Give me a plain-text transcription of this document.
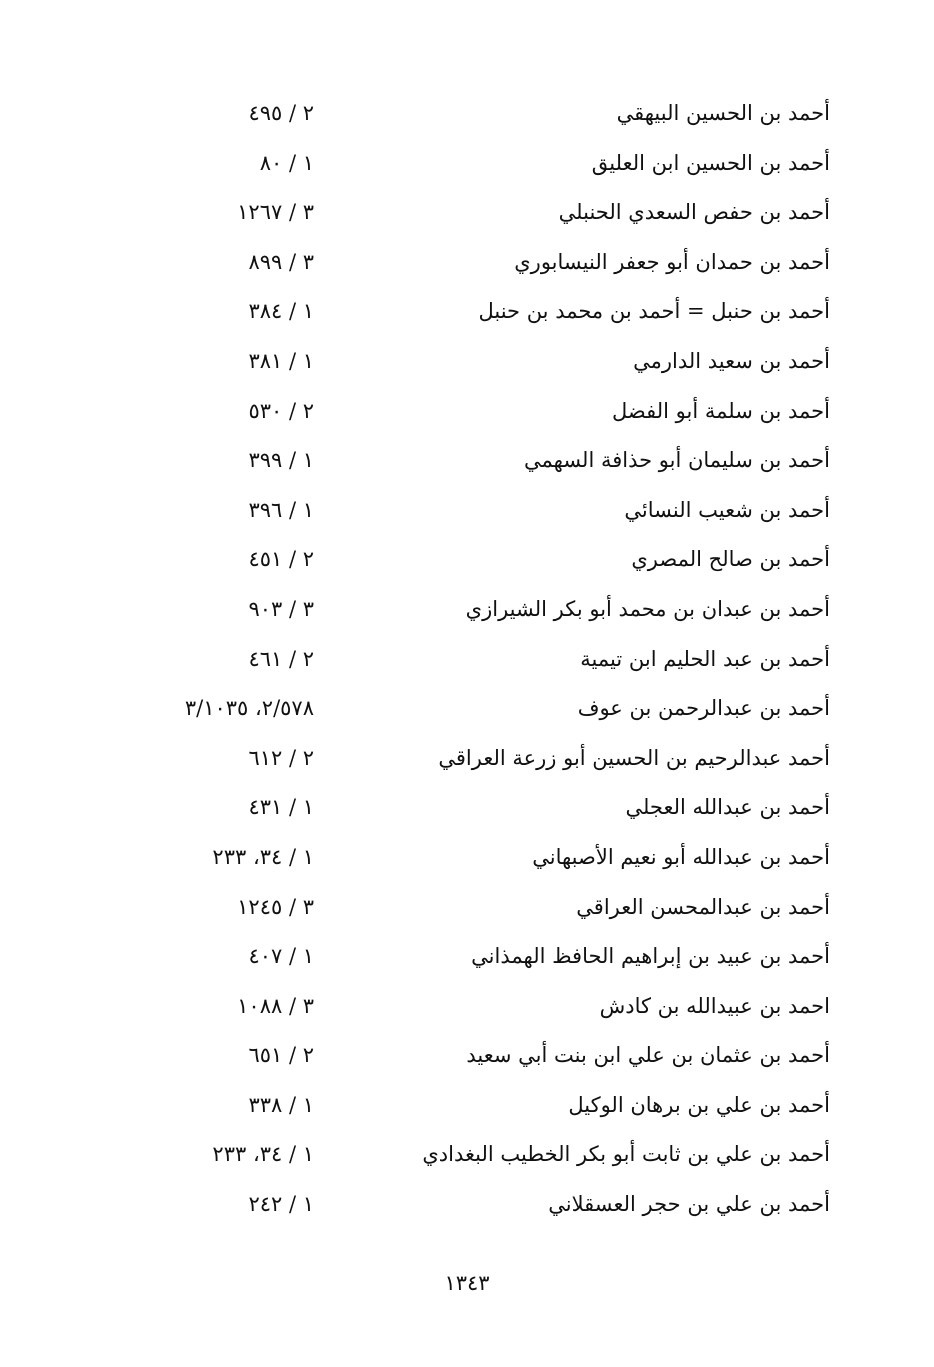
أحمد بن الحسين البيهقي
٢ / ٤٩٥
أحمد بن الحسين ابن العليق
١ / ٨٠
أحمد بن حفص السعدي الحنبلي
٣ / ١٢٦٧
أحمد بن حمدان أبو جعفر النيسابوري
٣ / ٨٩٩
أحمد بن حنبل = أحمد بن محمد بن حنبل
١ / ٣٨٤
أحمد بن سعيد الدارمي
١ / ٣٨١
أحمد بن سلمة أبو الفضل
٢ / ٥٣٠
أحمد بن سليمان أبو حذافة السهمي
١ / ٣٩٩
أحمد بن شعيب النسائي
١ / ٣٩٦
أحمد بن صالح المصري
٢ / ٤٥١
أحمد بن عبدان بن محمد أبو بكر الشيرازي
٣ / ٩٠٣
أحمد بن عبد الحليم ابن تيمية
٢ / ٤٦١
أحمد بن عبدالرحمن بن عوف
٢/٥٧٨، ٣/١٠٣٥
أحمد عبدالرحيم بن الحسين أبو زرعة العراقي
٢ / ٦١٢
أحمد بن عبدالله العجلي
١ / ٤٣١
أحمد بن عبدالله أبو نعيم الأصبهاني
١ / ٣٤، ٢٣٣
أحمد بن عبدالمحسن العراقي
٣ / ١٢٤٥
أحمد بن عبيد بن إبراهيم الحافظ الهمذاني
١ / ٤٠٧
احمد بن عبيدالله بن كادش
٣ / ١٠٨٨
أحمد بن عثمان بن علي ابن بنت أبي سعيد
٢ / ٦٥١
أحمد بن علي بن برهان الوكيل
١ / ٣٣٨
أحمد بن علي بن ثابت أبو بكر الخطيب البغدادي
١ / ٣٤، ٢٣٣
أحمد بن علي بن حجر العسقلاني
١ / ٢٤٢
١٣٤٣
